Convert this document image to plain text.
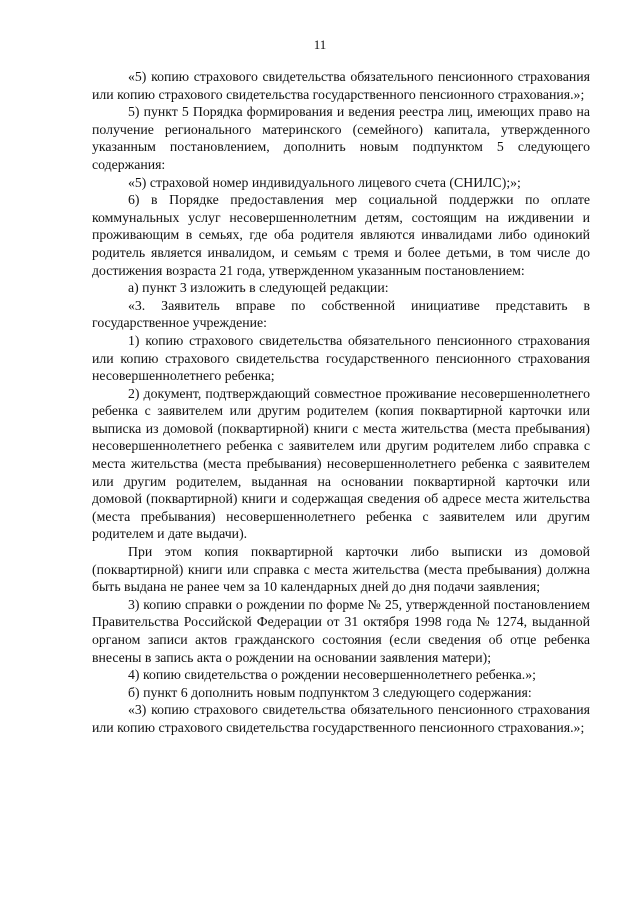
11

«5) копию страхового свидетельства обязательного пенсионного страхования или копию страхового свидетельства государственного пенсионного страхования.»;

5) пункт 5 Порядка формирования и ведения реестра лиц, имеющих право на получение регионального материнского (семейного) капитала, утвержденного указанным постановлением, дополнить новым подпунктом 5 следующего содержания:

«5) страховой номер индивидуального лицевого счета (СНИЛС);»;

6) в Порядке предоставления мер социальной поддержки по оплате коммунальных услуг несовершеннолетним детям, состоящим на иждивении и проживающим в семьях, где оба родителя являются инвалидами либо одинокий родитель является инвалидом, и семьям с тремя и более детьми, в том числе до достижения возраста 21 года, утвержденном указанным постановлением:

а) пункт 3 изложить в следующей редакции:

«3. Заявитель вправе по собственной инициативе представить в государственное учреждение:

1) копию страхового свидетельства обязательного пенсионного страхования или копию страхового свидетельства государственного пенсионного страхования несовершеннолетнего ребенка;

2) документ, подтверждающий совместное проживание несовершеннолетнего ребенка с заявителем или другим родителем (копия поквартирной карточки или выписка из домовой (поквартирной) книги с места жительства (места пребывания) несовершеннолетнего ребенка с заявителем или другим родителем либо справка с места жительства (места пребывания) несовершеннолетнего ребенка с заявителем или другим родителем, выданная на основании поквартирной карточки или домовой (поквартирной) книги и содержащая сведения об адресе места жительства (места пребывания) несовершеннолетнего ребенка с заявителем или другим родителем и дате выдачи).

При этом копия поквартирной карточки либо выписки из домовой (поквартирной) книги или справка с места жительства (места пребывания) должна быть выдана не ранее чем за 10 календарных дней до дня подачи заявления;

3) копию справки о рождении по форме № 25, утвержденной постановлением Правительства Российской Федерации от 31 октября 1998 года № 1274, выданной органом записи актов гражданского состояния (если сведения об отце ребенка внесены в запись акта о рождении на основании заявления матери);

4) копию свидетельства о рождении несовершеннолетнего ребенка.»;

б) пункт 6 дополнить новым подпунктом 3 следующего содержания:

«3) копию страхового свидетельства обязательного пенсионного страхования или копию страхового свидетельства государственного пенсионного страхования.»;
